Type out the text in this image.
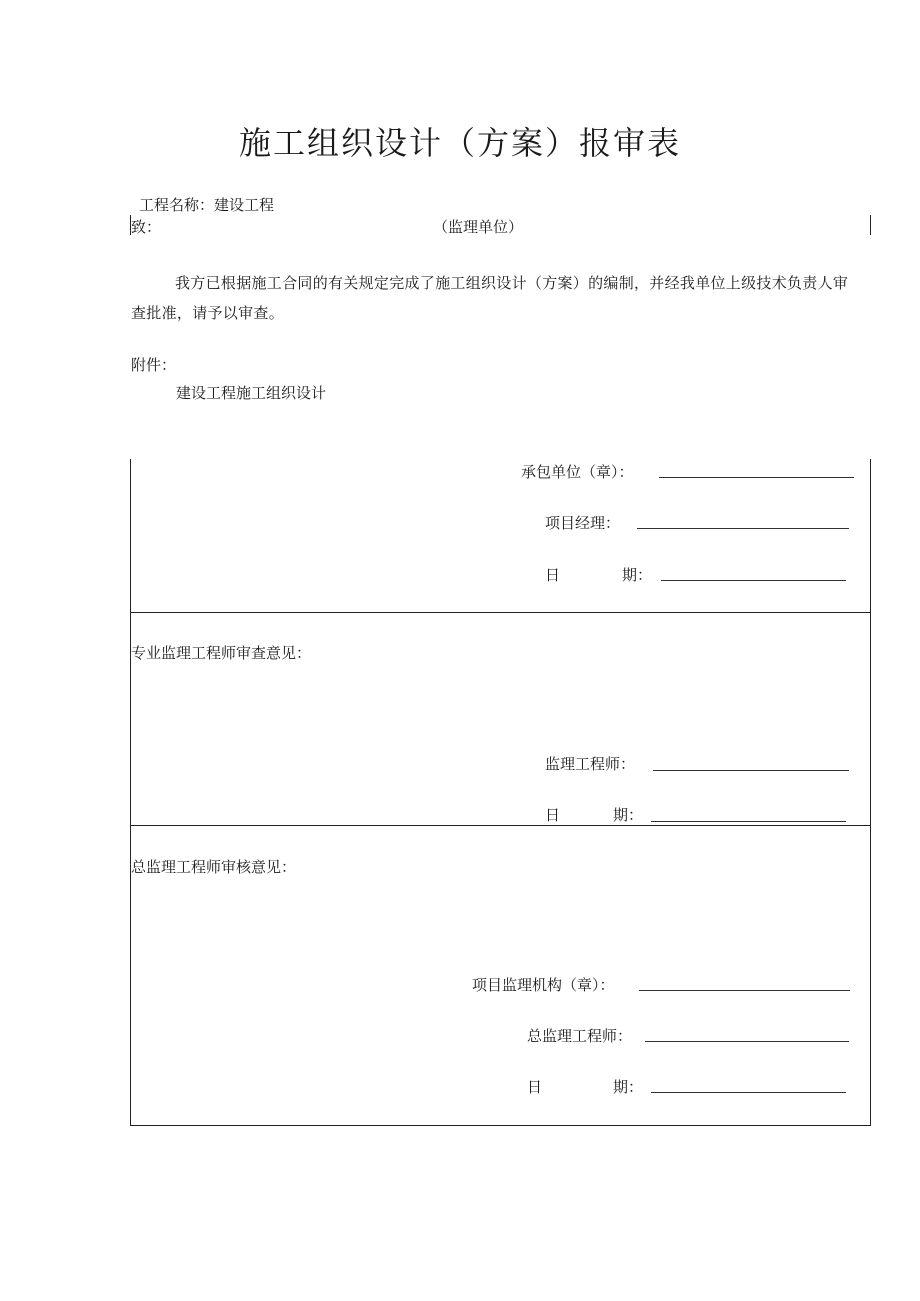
施工组织设计（方案）报审表
工程名称：建设工程
致：	（监理单位）
我方已根据施工合同的有关规定完成了施工组织设计（方案）的编制，并经我单位上级技术负责人审查批准，请予以审查。
附件：
建设工程施工组织设计
承包单位（章）：
项目经理：
日	期：
专业监理工程师审查意见：
监理工程师：
日	期：
总监理工程师审核意见：
项目监理机构（章）：
总监理工程师：
日	期：
